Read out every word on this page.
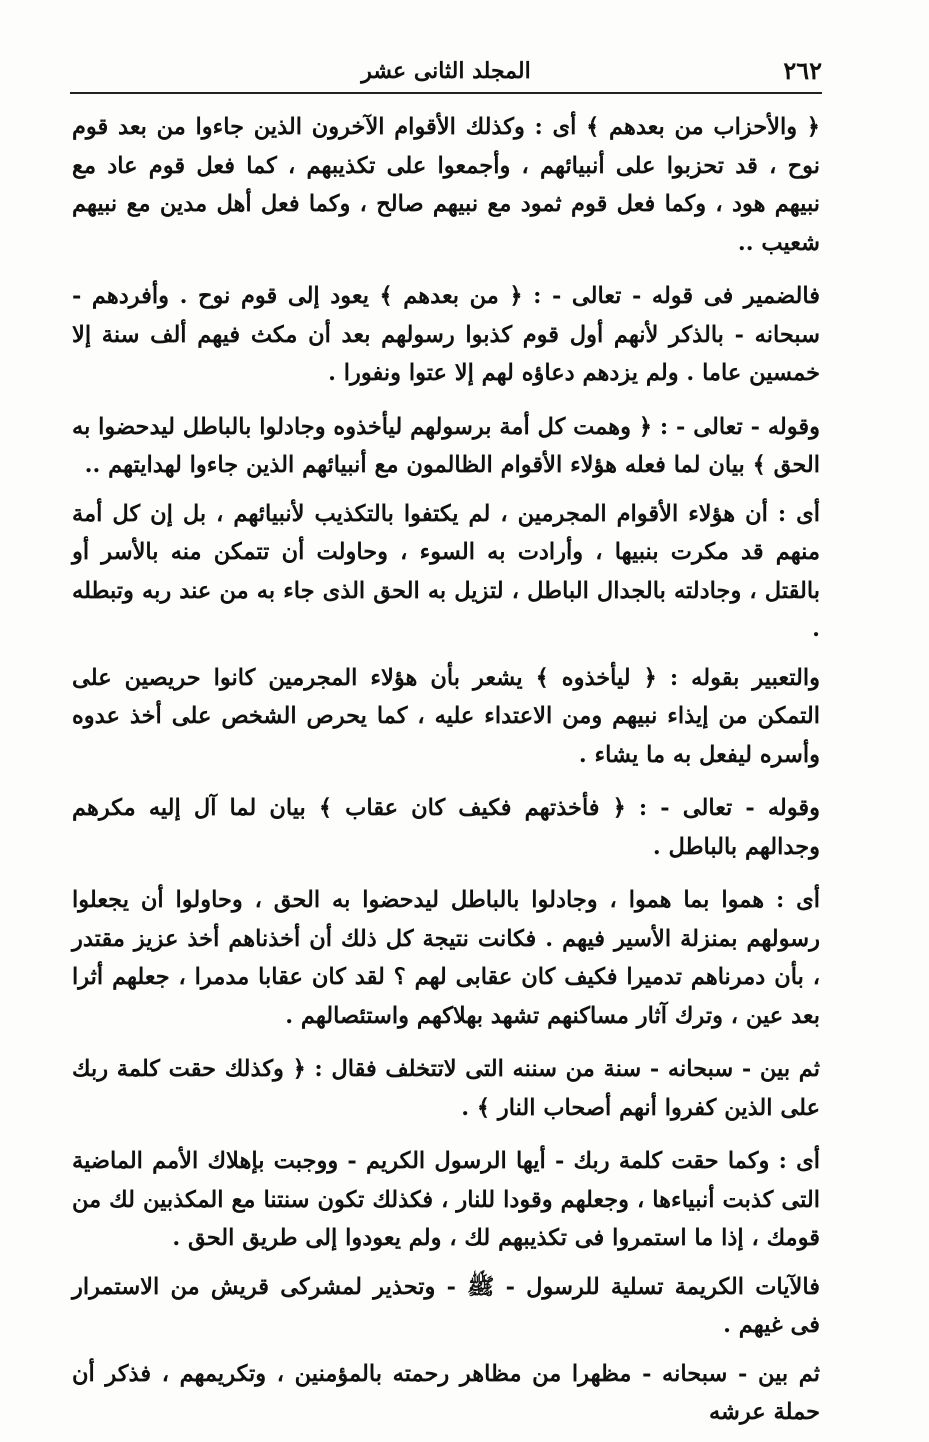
٢٦٢
المجلد الثانى عشر

﴿ والأحزاب من بعدهم ﴾ أى : وكذلك الأقوام الآخرون الذين جاءوا من بعد قوم نوح ، قد تحزبوا على أنبيائهم ، وأجمعوا على تكذيبهم ، كما فعل قوم عاد مع نبيهم هود ، وكما فعل قوم ثمود مع نبيهم صالح ، وكما فعل أهل مدين مع نبيهم شعيب ..

فالضمير فى قوله - تعالى - : ﴿ من بعدهم ﴾ يعود إلى قوم نوح . وأفردهم - سبحانه - بالذكر لأنهم أول قوم كذبوا رسولهم بعد أن مكث فيهم ألف سنة إلا خمسين عاما . ولم يزدهم دعاؤه لهم إلا عتوا ونفورا .

وقوله - تعالى - : ﴿ وهمت كل أمة برسولهم ليأخذوه وجادلوا بالباطل ليدحضوا به الحق ﴾ بيان لما فعله هؤلاء الأقوام الظالمون مع أنبيائهم الذين جاءوا لهدايتهم ..

أى : أن هؤلاء الأقوام المجرمين ، لم يكتفوا بالتكذيب لأنبيائهم ، بل إن كل أمة منهم قد مكرت بنبيها ، وأرادت به السوء ، وحاولت أن تتمكن منه بالأسر أو بالقتل ، وجادلته بالجدال الباطل ، لتزيل به الحق الذى جاء به من عند ربه وتبطله .

والتعبير بقوله : ﴿ ليأخذوه ﴾ يشعر بأن هؤلاء المجرمين كانوا حريصين على التمكن من إيذاء نبيهم ومن الاعتداء عليه ، كما يحرص الشخص على أخذ عدوه وأسره ليفعل به ما يشاء .

وقوله - تعالى - : ﴿ فأخذتهم فكيف كان عقاب ﴾ بيان لما آل إليه مكرهم وجدالهم بالباطل .

أى : هموا بما هموا ، وجادلوا بالباطل ليدحضوا به الحق ، وحاولوا أن يجعلوا رسولهم بمنزلة الأسير فيهم . فكانت نتيجة كل ذلك أن أخذناهم أخذ عزيز مقتدر ، بأن دمرناهم تدميرا فكيف كان عقابى لهم ؟ لقد كان عقابا مدمرا ، جعلهم أثرا بعد عين ، وترك آثار مساكنهم تشهد بهلاكهم واستئصالهم .

ثم بين - سبحانه - سنة من سننه التى لاتتخلف فقال : ﴿ وكذلك حقت كلمة ربك على الذين كفروا أنهم أصحاب النار ﴾ .

أى : وكما حقت كلمة ربك - أيها الرسول الكريم - ووجبت بإهلاك الأمم الماضية التى كذبت أنبياءها ، وجعلهم وقودا للنار ، فكذلك تكون سنتنا مع المكذبين لك من قومك ، إذا ما استمروا فى تكذيبهم لك ، ولم يعودوا إلى طريق الحق .

فالآيات الكريمة تسلية للرسول - ﷺ - وتحذير لمشركى قريش من الاستمرار فى غيهم .

ثم بين - سبحانه - مظهرا من مظاهر رحمته بالمؤمنين ، وتكريمهم ، فذكر أن حملة عرشه
